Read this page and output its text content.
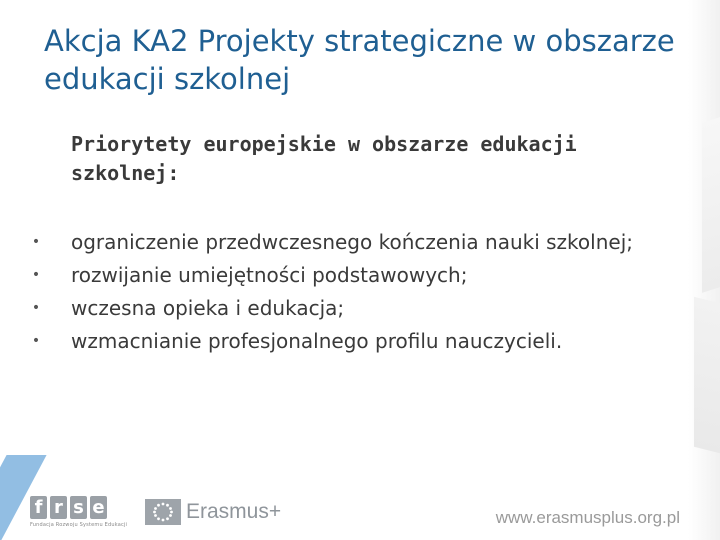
Akcja KA2 Projekty strategiczne w obszarze edukacji szkolnej
Priorytety europejskie w obszarze edukacji szkolnej:
• ograniczenie przedwczesnego kończenia nauki szkolnej;
• rozwijanie umiejętności podstawowych;
• wczesna opieka i edukacja;
• wzmacnianie profesjonalnego profilu nauczycieli.
f r s e
Fundacja Rozwoju Systemu Edukacji
Erasmus+	www.erasmusplus.org.pl
